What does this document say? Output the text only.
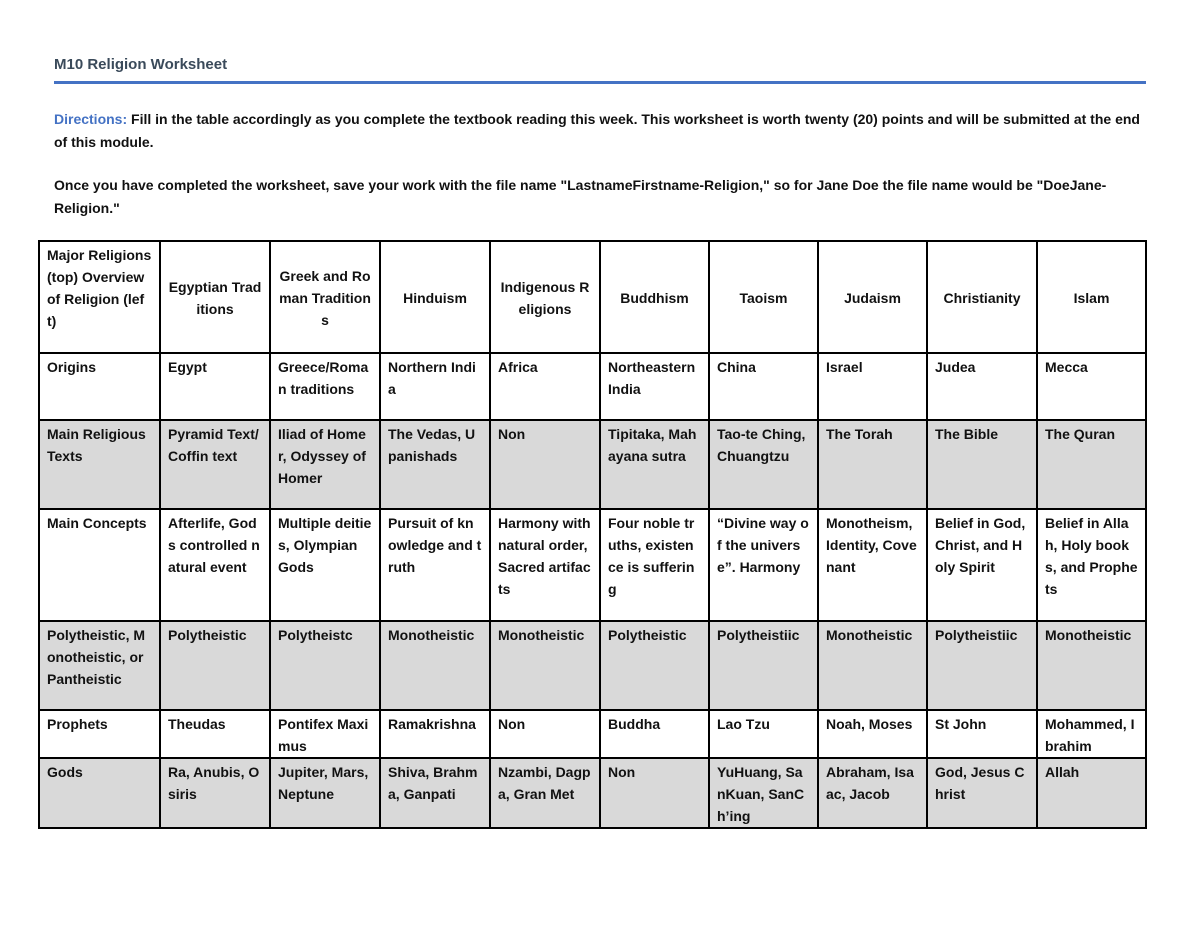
M10 Religion Worksheet
Directions: Fill in the table accordingly as you complete the textbook reading this week. This worksheet is worth twenty (20) points and will be submitted at the end of this module.
Once you have completed the worksheet, save your work with the file name "LastnameFirstname-Religion," so for Jane Doe the file name would be "DoeJane-Religion."
Major Religions (top) Overview of Religion (left)	Egyptian Traditions	Greek and Roman Traditions	Hinduism	Indigenous Religions	Buddhism	Taoism	Judaism	Christianity	Islam
Origins	Egypt	Greece/Roman traditions	Northern India	Africa	Northeastern India	China	Israel	Judea	Mecca
Main Religious Texts	Pyramid Text/ Coffin text	Iliad of Homer, Odyssey of Homer	The Vedas, Upanishads	Non	Tipitaka, Mahayana sutra	Tao-te Ching, Chuangtzu	The Torah	The Bible	The Quran
Main Concepts	Afterlife, Gods controlled natural event	Multiple deities, Olympian Gods	Pursuit of knowledge and truth	Harmony with natural order, Sacred artifacts	Four noble truths, existence is suffering	“Divine way of the universe”. Harmony	Monotheism, Identity, Covenant	Belief in God, Christ, and Holy Spirit	Belief in Allah, Holy books, and Prophets
Polytheistic, Monotheistic, or Pantheistic	Polytheistic	Polytheistc	Monotheistic	Monotheistic	Polytheistic	Polytheistiic	Monotheistic	Polytheistiic	Monotheistic
Prophets	Theudas	Pontifex Maximus	Ramakrishna	Non	Buddha	Lao Tzu	Noah, Moses	St John	Mohammed, Ibrahim
Gods	Ra, Anubis, Osiris	Jupiter, Mars, Neptune	Shiva, Brahma, Ganpati	Nzambi, Dagpa, Gran Met	Non	YuHuang, SanKuan, SanCh’ing	Abraham, Isaac, Jacob	God, Jesus Christ	Allah
